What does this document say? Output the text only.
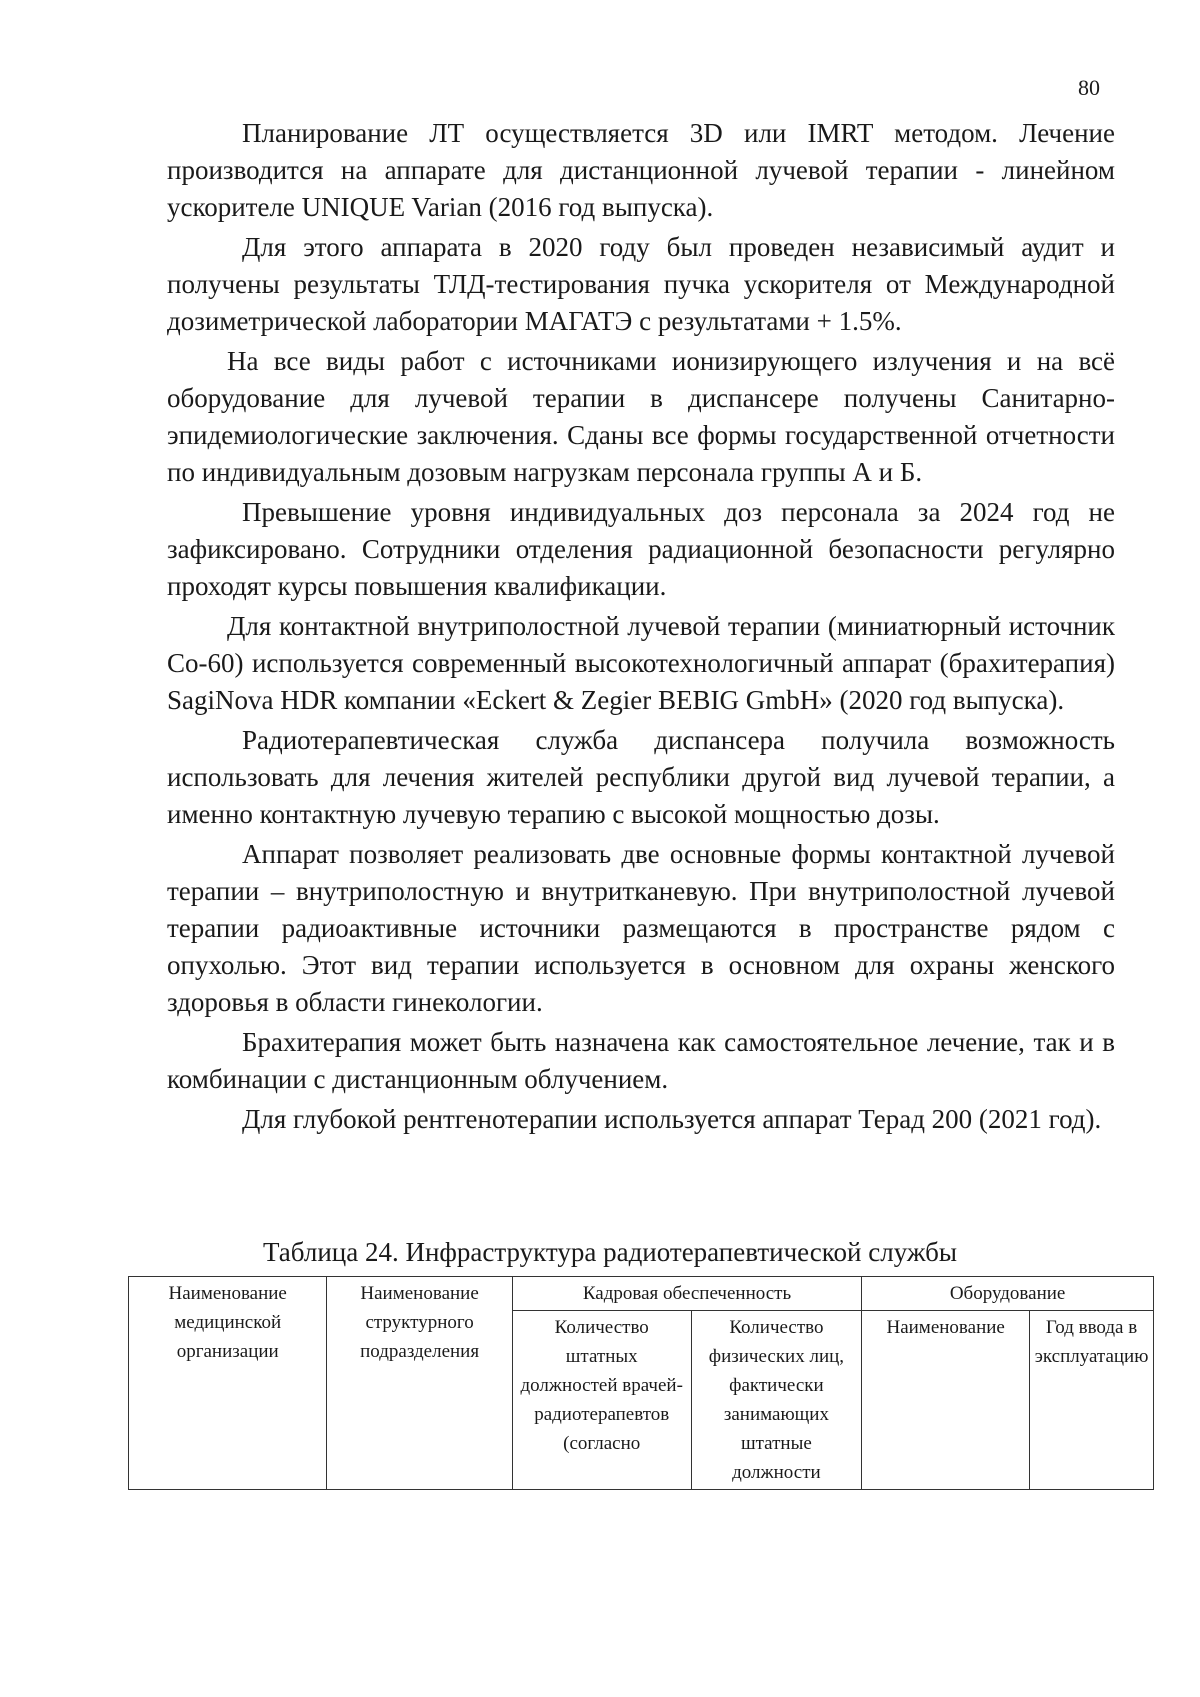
80

Планирование ЛТ осуществляется 3D или IMRT методом. Лечение производится на аппарате для дистанционной лучевой терапии - линейном ускорителе UNIQUE Varian (2016 год выпуска).

Для этого аппарата в 2020 году был проведен независимый аудит и получены результаты ТЛД-тестирования пучка ускорителя от Международной дозиметрической лаборатории МАГАТЭ с результатами + 1.5%.

На все виды работ с источниками ионизирующего излучения и на всё оборудование для лучевой терапии в диспансере получены Санитарно-эпидемиологические заключения. Сданы все формы государственной отчетности по индивидуальным дозовым нагрузкам персонала группы А и Б.

Превышение уровня индивидуальных доз персонала за 2024 год не зафиксировано. Сотрудники отделения радиационной безопасности регулярно проходят курсы повышения квалификации.

Для контактной внутриполостной лучевой терапии (миниатюрный источник Со-60) используется современный высокотехнологичный аппарат (брахитерапия) SagiNova HDR компании «Eckert & Zegier BEBIG GmbH» (2020 год выпуска).

Радиотерапевтическая служба диспансера получила возможность использовать для лечения жителей республики другой вид лучевой терапии, а именно контактную лучевую терапию с высокой мощностью дозы.

Аппарат позволяет реализовать две основные формы контактной лучевой терапии – внутриполостную и внутритканевую. При внутриполостной лучевой терапии радиоактивные источники размещаются в пространстве рядом с опухолью. Этот вид терапии используется в основном для охраны женского здоровья в области гинекологии.

Брахитерапия может быть назначена как самостоятельное лечение, так и в комбинации с дистанционным облучением.

Для глубокой рентгенотерапии используется аппарат Терад 200 (2021 год).

Таблица 24. Инфраструктура радиотерапевтической службы
Наименование медицинской организации	Наименование структурного подразделения	Кадровая обеспеченность		Оборудование	
		Количество штатных должностей врачей-радиотерапевтов (согласно	Количество физических лиц, фактически занимающих штатные должности	Наименование	Год ввода в эксплуатацию
